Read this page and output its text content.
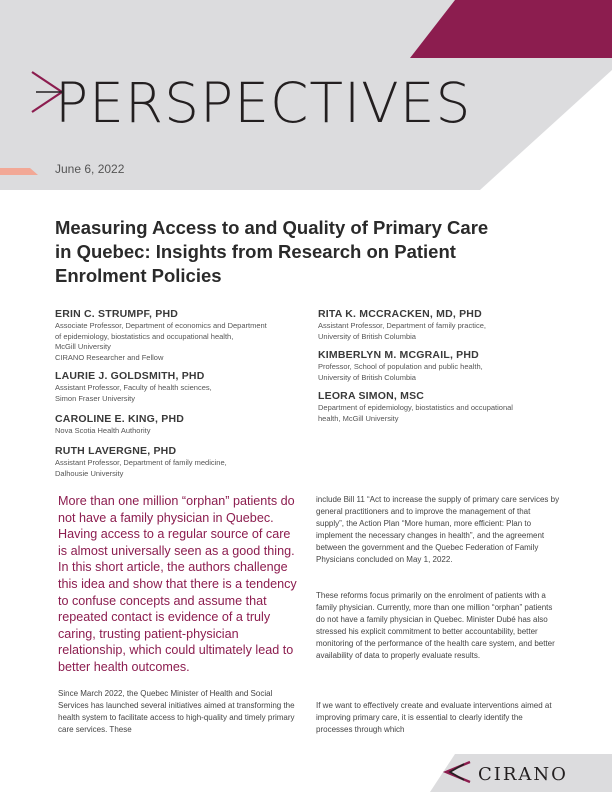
PERSPECTIVES
June 6, 2022
Measuring Access to and Quality of Primary Care in Quebec: Insights from Research on Patient Enrolment Policies
ERIN C. STRUMPF, PHD
Associate Professor, Department of economics and Department
of epidemiology, biostatistics and occupational health,
McGill University
CIRANO Researcher and Fellow
LAURIE J. GOLDSMITH, PHD
Assistant Professor, Faculty of health sciences,
Simon Fraser University
CAROLINE E. KING, PHD
Nova Scotia Health Authority
RUTH LAVERGNE, PHD
Assistant Professor, Department of family medicine,
Dalhousie University
RITA K. MCCRACKEN, MD, PHD
Assistant Professor, Department of family practice,
University of British Columbia
KIMBERLYN M. MCGRAIL, PHD
Professor, School of population and public health,
University of British Columbia
LEORA SIMON, MSC
Department of epidemiology, biostatistics and occupational
health, McGill University

More than one million “orphan” patients do not have a family physician in Quebec. Having access to a regular source of care is almost universally seen as a good thing. In this short article, the authors challenge this idea and show that there is a tendency to confuse concepts and assume that repeated contact is evidence of a truly caring, trusting patient-physician relationship, which could ultimately lead to better health outcomes.

Since March 2022, the Quebec Minister of Health and Social Services has launched several initiatives aimed at transforming the health system to facilitate access to high-quality and timely primary care services. These

include Bill 11 “Act to increase the supply of primary care services by general practitioners and to improve the management of that supply”, the Action Plan “More human, more efficient: Plan to implement the necessary changes in health”, and the agreement between the government and the Quebec Federation of Family Physicians concluded on May 1, 2022.

These reforms focus primarily on the enrolment of patients with a family physician. Currently, more than one million “orphan” patients do not have a family physician in Quebec. Minister Dubé has also stressed his explicit commitment to better accountability, better monitoring of the performance of the health care system, and better availability of data to properly evaluate results.

If we want to effectively create and evaluate interventions aimed at improving primary care, it is essential to clearly identify the processes through which

CIRANO
